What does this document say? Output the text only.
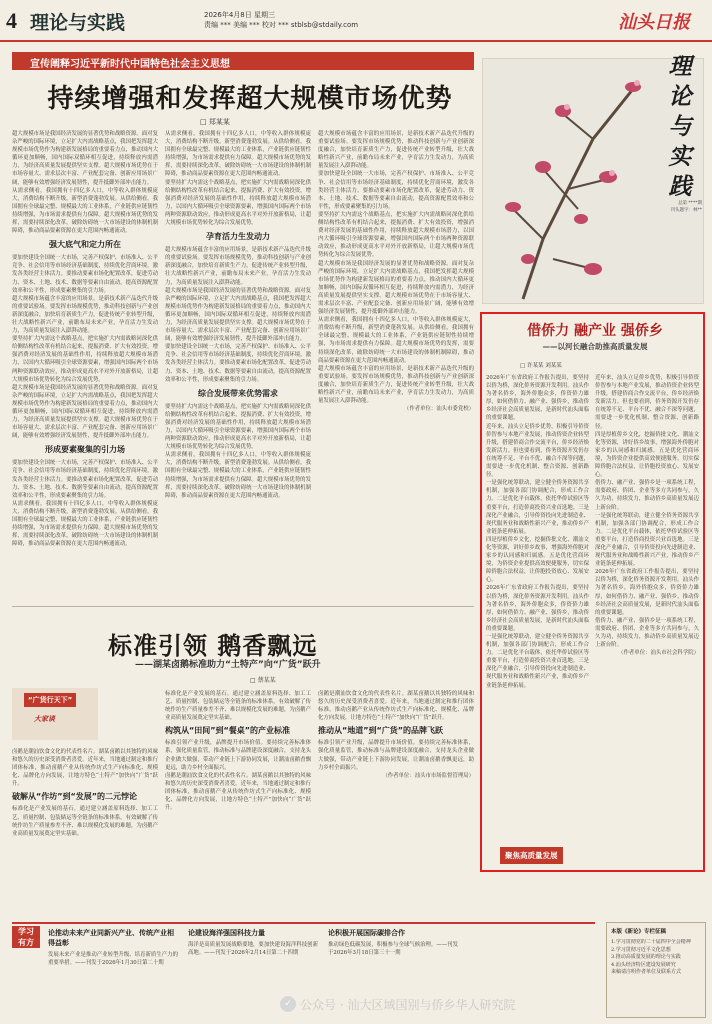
4 理论与实践	2026年4月8日 星期三
责编 *** 美编 *** 校对 *** stblsb@stdaily.com	汕头日报
宣传阐释习近平新时代中国特色社会主义思想
持续增强和发挥超大规模市场优势
□ 郑某某

超大规模市场是我国经济发展的显著优势和战略资源。面对复杂严峻的国际环境，立足扩大内需战略基点，我国把发挥超大规模市场优势作为构建新发展格局的重要着力点，推动国内大循环更加顺畅，国内国际双循环相互促进，持续释放内需潜力，为经济高质量发展提供坚实支撑。超大规模市场优势在于市场容量大、需求层次丰富、产业配套完备、创新应用场景广阔，能够有效增强经济发展韧性，提升抵御外部冲击能力。

从需求侧看，我国拥有十四亿多人口，中等收入群体规模庞大，消费结构不断升级，新型消费蓬勃发展。从供给侧看，我国拥有全球最完整、规模最大的工业体系，产业链供应链韧性持续增强，为市场需求提供有力保障。超大规模市场优势的发挥，需要持续深化改革，破除妨碍统一大市场建设的体制机制障碍，推动商品要素资源在更大范围内畅通流动。

强大底气和定力所在

要加快建设全国统一大市场，完善产权保护、市场准入、公平竞争、社会信用等市场经济基础制度，持续优化营商环境，激发各类经营主体活力。要推动要素市场化配置改革，促进劳动力、资本、土地、技术、数据等要素自由流动，提高资源配置效率和公平性，形成要素聚集的引力场。

超大规模市场蕴含丰富的应用场景，是新技术新产品迭代升级的重要试验场。要发挥市场规模优势，推动科技创新与产业创新深度融合，加快培育新质生产力，促进传统产业转型升级，壮大战略性新兴产业，前瞻布局未来产业，孕育活力生发动力，为高质量发展注入澎湃动能。

要坚持扩大内需这个战略基点，把实施扩大内需战略同深化供给侧结构性改革有机结合起来，提振消费、扩大有效投资，增强消费对经济发展的基础性作用，持续释放超大规模市场潜力，以国内大循环吸引全球资源要素，增强国内国际两个市场两种资源联动效应，推动形成更高水平对外开放新格局，让超大规模市场优势转化为综合发展优势。

超大规模市场是我国经济发展的显著优势和战略资源。面对复杂严峻的国际环境，立足扩大内需战略基点，我国把发挥超大规模市场优势作为构建新发展格局的重要着力点，推动国内大循环更加顺畅，国内国际双循环相互促进，持续释放内需潜力，为经济高质量发展提供坚实支撑。超大规模市场优势在于市场容量大、需求层次丰富、产业配套完备、创新应用场景广阔，能够有效增强经济发展韧性，提升抵御外部冲击能力。

形成要素聚集的引力场

要加快建设全国统一大市场，完善产权保护、市场准入、公平竞争、社会信用等市场经济基础制度，持续优化营商环境，激发各类经营主体活力。要推动要素市场化配置改革，促进劳动力、资本、土地、技术、数据等要素自由流动，提高资源配置效率和公平性，形成要素聚集的引力场。

从需求侧看，我国拥有十四亿多人口，中等收入群体规模庞大，消费结构不断升级，新型消费蓬勃发展。从供给侧看，我国拥有全球最完整、规模最大的工业体系，产业链供应链韧性持续增强，为市场需求提供有力保障。超大规模市场优势的发挥，需要持续深化改革，破除妨碍统一大市场建设的体制机制障碍，推动商品要素资源在更大范围内畅通流动。

从需求侧看，我国拥有十四亿多人口，中等收入群体规模庞大，消费结构不断升级，新型消费蓬勃发展。从供给侧看，我国拥有全球最完整、规模最大的工业体系，产业链供应链韧性持续增强，为市场需求提供有力保障。超大规模市场优势的发挥，需要持续深化改革，破除妨碍统一大市场建设的体制机制障碍，推动商品要素资源在更大范围内畅通流动。

要坚持扩大内需这个战略基点，把实施扩大内需战略同深化供给侧结构性改革有机结合起来，提振消费、扩大有效投资，增强消费对经济发展的基础性作用，持续释放超大规模市场潜力，以国内大循环吸引全球资源要素，增强国内国际两个市场两种资源联动效应，推动形成更高水平对外开放新格局，让超大规模市场优势转化为综合发展优势。

孕育活力生发动力

超大规模市场蕴含丰富的应用场景，是新技术新产品迭代升级的重要试验场。要发挥市场规模优势，推动科技创新与产业创新深度融合，加快培育新质生产力，促进传统产业转型升级，壮大战略性新兴产业，前瞻布局未来产业，孕育活力生发动力，为高质量发展注入澎湃动能。

超大规模市场是我国经济发展的显著优势和战略资源。面对复杂严峻的国际环境，立足扩大内需战略基点，我国把发挥超大规模市场优势作为构建新发展格局的重要着力点，推动国内大循环更加顺畅，国内国际双循环相互促进，持续释放内需潜力，为经济高质量发展提供坚实支撑。超大规模市场优势在于市场容量大、需求层次丰富、产业配套完备、创新应用场景广阔，能够有效增强经济发展韧性，提升抵御外部冲击能力。

要加快建设全国统一大市场，完善产权保护、市场准入、公平竞争、社会信用等市场经济基础制度，持续优化营商环境，激发各类经营主体活力。要推动要素市场化配置改革，促进劳动力、资本、土地、技术、数据等要素自由流动，提高资源配置效率和公平性，形成要素聚集的引力场。

综合发展带来优势需求

要坚持扩大内需这个战略基点，把实施扩大内需战略同深化供给侧结构性改革有机结合起来，提振消费、扩大有效投资，增强消费对经济发展的基础性作用，持续释放超大规模市场潜力，以国内大循环吸引全球资源要素，增强国内国际两个市场两种资源联动效应，推动形成更高水平对外开放新格局，让超大规模市场优势转化为综合发展优势。

从需求侧看，我国拥有十四亿多人口，中等收入群体规模庞大，消费结构不断升级，新型消费蓬勃发展。从供给侧看，我国拥有全球最完整、规模最大的工业体系，产业链供应链韧性持续增强，为市场需求提供有力保障。超大规模市场优势的发挥，需要持续深化改革，破除妨碍统一大市场建设的体制机制障碍，推动商品要素资源在更大范围内畅通流动。

超大规模市场蕴含丰富的应用场景，是新技术新产品迭代升级的重要试验场。要发挥市场规模优势，推动科技创新与产业创新深度融合，加快培育新质生产力，促进传统产业转型升级，壮大战略性新兴产业，前瞻布局未来产业，孕育活力生发动力，为高质量发展注入澎湃动能。

要加快建设全国统一大市场，完善产权保护、市场准入、公平竞争、社会信用等市场经济基础制度，持续优化营商环境，激发各类经营主体活力。要推动要素市场化配置改革，促进劳动力、资本、土地、技术、数据等要素自由流动，提高资源配置效率和公平性，形成要素聚集的引力场。

要坚持扩大内需这个战略基点，把实施扩大内需战略同深化供给侧结构性改革有机结合起来，提振消费、扩大有效投资，增强消费对经济发展的基础性作用，持续释放超大规模市场潜力，以国内大循环吸引全球资源要素，增强国内国际两个市场两种资源联动效应，推动形成更高水平对外开放新格局，让超大规模市场优势转化为综合发展优势。

超大规模市场是我国经济发展的显著优势和战略资源。面对复杂严峻的国际环境，立足扩大内需战略基点，我国把发挥超大规模市场优势作为构建新发展格局的重要着力点，推动国内大循环更加顺畅，国内国际双循环相互促进，持续释放内需潜力，为经济高质量发展提供坚实支撑。超大规模市场优势在于市场容量大、需求层次丰富、产业配套完备、创新应用场景广阔，能够有效增强经济发展韧性，提升抵御外部冲击能力。

从需求侧看，我国拥有十四亿多人口，中等收入群体规模庞大，消费结构不断升级，新型消费蓬勃发展。从供给侧看，我国拥有全球最完整、规模最大的工业体系，产业链供应链韧性持续增强，为市场需求提供有力保障。超大规模市场优势的发挥，需要持续深化改革，破除妨碍统一大市场建设的体制机制障碍，推动商品要素资源在更大范围内畅通流动。

超大规模市场蕴含丰富的应用场景，是新技术新产品迭代升级的重要试验场。要发挥市场规模优势，推动科技创新与产业创新深度融合，加快培育新质生产力，促进传统产业转型升级，壮大战略性新兴产业，前瞻布局未来产业，孕育活力生发动力，为高质量发展注入澎湃动能。

（作者单位：汕头市委党校）

理论与实践
总第 ****期
刊头题字：林**
借侨力 融产业 强侨乡
——以河长融合助推高质量发展
□ 许某某 刘某某

2026年广东省政府工作报告提出，要坚持以侨为桥，深化侨务资源开发利用。汕头作为著名侨乡，海外侨胞众多，侨资侨力雄厚，如何借侨力、融产业、强侨乡，推动侨乡经济社会高质量发展，是新时代汕头面临的重要课题。

近年来，汕头立足侨乡优势，积极引导侨资侨智参与本地产业发展，推动侨资企业转型升级，搭建侨商合作交流平台，侨乡经济焕发新活力。但也要看到，侨务资源开发仍存在统筹不足、平台不优、融合不深等问题，需要进一步优化机制、整合资源、创新路径。

一是强化统筹联动，建立健全侨务资源共享机制，加强各部门协调配合，形成工作合力。二是优化平台载体，依托华侨试验区等重要平台，打造侨商投资兴业首选地。三是深化产业融合，引导侨资投向先进制造业、现代服务业和战略性新兴产业，推动侨乡产业链条延伸拓展。

四是厚植侨乡文化，挖掘侨批文化、潮汕文化等资源，讲好侨乡故事，增强海外侨胞对家乡的认同感和归属感。五是优化营商环境，为侨资企业提供高效便捷服务，切实保障侨胞合法权益，让侨胞投资放心、发展安心。

2026年广东省政府工作报告提出，要坚持以侨为桥，深化侨务资源开发利用。汕头作为著名侨乡，海外侨胞众多，侨资侨力雄厚，如何借侨力、融产业、强侨乡，推动侨乡经济社会高质量发展，是新时代汕头面临的重要课题。

一是强化统筹联动，建立健全侨务资源共享机制，加强各部门协调配合，形成工作合力。二是优化平台载体，依托华侨试验区等重要平台，打造侨商投资兴业首选地。三是深化产业融合，引导侨资投向先进制造业、现代服务业和战略性新兴产业，推动侨乡产业链条延伸拓展。

近年来，汕头立足侨乡优势，积极引导侨资侨智参与本地产业发展，推动侨资企业转型升级，搭建侨商合作交流平台，侨乡经济焕发新活力。但也要看到，侨务资源开发仍存在统筹不足、平台不优、融合不深等问题，需要进一步优化机制、整合资源、创新路径。

四是厚植侨乡文化，挖掘侨批文化、潮汕文化等资源，讲好侨乡故事，增强海外侨胞对家乡的认同感和归属感。五是优化营商环境，为侨资企业提供高效便捷服务，切实保障侨胞合法权益，让侨胞投资放心、发展安心。

借侨力、融产业、强侨乡是一项系统工程，需要政府、侨团、企业等多方共同参与，久久为功，持续发力，推动侨乡高质量发展迈上新台阶。

一是强化统筹联动，建立健全侨务资源共享机制，加强各部门协调配合，形成工作合力。二是优化平台载体，依托华侨试验区等重要平台，打造侨商投资兴业首选地。三是深化产业融合，引导侨资投向先进制造业、现代服务业和战略性新兴产业，推动侨乡产业链条延伸拓展。

2026年广东省政府工作报告提出，要坚持以侨为桥，深化侨务资源开发利用。汕头作为著名侨乡，海外侨胞众多，侨资侨力雄厚，如何借侨力、融产业、强侨乡，推动侨乡经济社会高质量发展，是新时代汕头面临的重要课题。

借侨力、融产业、强侨乡是一项系统工程，需要政府、侨团、企业等多方共同参与，久久为功，持续发力，推动侨乡高质量发展迈上新台阶。

（作者单位：汕头市社会科学院）

聚焦高质量发展
标准引领 鹅香飘远
——湖某卤鹅标准助力“土特产”向“广货”跃升
□ 蔡某某
“广货行天下”
大家谈

卤鹅是潮汕饮食文化的代表性名片。湖某卤鹅以其独特的风味和悠久的历史深受消费者喜爱。近年来，当地通过制定和推行团体标准，推动卤鹅产业从传统作坊式生产向标准化、规模化、品牌化方向发展，让地方特色“土特产”加快向“广货”跃升。

破解从“作坊”到“发展”的二元悖论

标准化是产业发展的基石。通过建立涵盖原料选择、加工工艺、质量控制、包装储运等全链条的标准体系，有效破解了传统作坊生产质量参差不齐、难以规模化发展的难题，为卤鹅产业高质量发展奠定坚实基础。

标准化是产业发展的基石。通过建立涵盖原料选择、加工工艺、质量控制、包装储运等全链条的标准体系，有效破解了传统作坊生产质量参差不齐、难以规模化发展的难题，为卤鹅产业高质量发展奠定坚实基础。

构筑从“田间”到“餐桌”的产业标准

标准引领产业升级，品牌提升市场价值。要持续完善标准体系，强化质量监管，推动标准与品牌建设深度融合，支持龙头企业做大做强，带动产业链上下游协同发展，让潮汕卤鹅香飘更远，助力乡村全面振兴。

卤鹅是潮汕饮食文化的代表性名片。湖某卤鹅以其独特的风味和悠久的历史深受消费者喜爱。近年来，当地通过制定和推行团体标准，推动卤鹅产业从传统作坊式生产向标准化、规模化、品牌化方向发展，让地方特色“土特产”加快向“广货”跃升。

卤鹅是潮汕饮食文化的代表性名片。湖某卤鹅以其独特的风味和悠久的历史深受消费者喜爱。近年来，当地通过制定和推行团体标准，推动卤鹅产业从传统作坊式生产向标准化、规模化、品牌化方向发展，让地方特色“土特产”加快向“广货”跃升。

推动从“地道”到“广货”的品牌飞跃

标准引领产业升级，品牌提升市场价值。要持续完善标准体系，强化质量监管，推动标准与品牌建设深度融合，支持龙头企业做大做强，带动产业链上下游协同发展，让潮汕卤鹅香飘更远，助力乡村全面振兴。

（作者单位：汕头市市场监督管理局）

学习
有方
论推动未来产业同新兴产业、传统产业相得益彰
发展未来产业是推动产业转型升级、培育新质生产力的重要举措。——刊发于2026年1月30日第二十期
论建设海洋强国科技力量
海洋是高质量发展战略要地，要加快建设海洋科技创新高地。——刊发于2026年2月14日第二十四期
论积极开展国际碳排合作
推动绿色低碳发展，积极参与全球气候治理。——刊发于2026年3月18日第三十一期
本版《新论》专栏征稿
1.学习贯彻党的二十届四中全会精神
2.学习贯彻习近平文化思想
3.推动高质量发展的理论与实践
4.汕头经济特区建设发展研究
来稿请注明作者单位及联系方式
✓ 公众号 · 汕大区域国别与侨乡华人研究院
